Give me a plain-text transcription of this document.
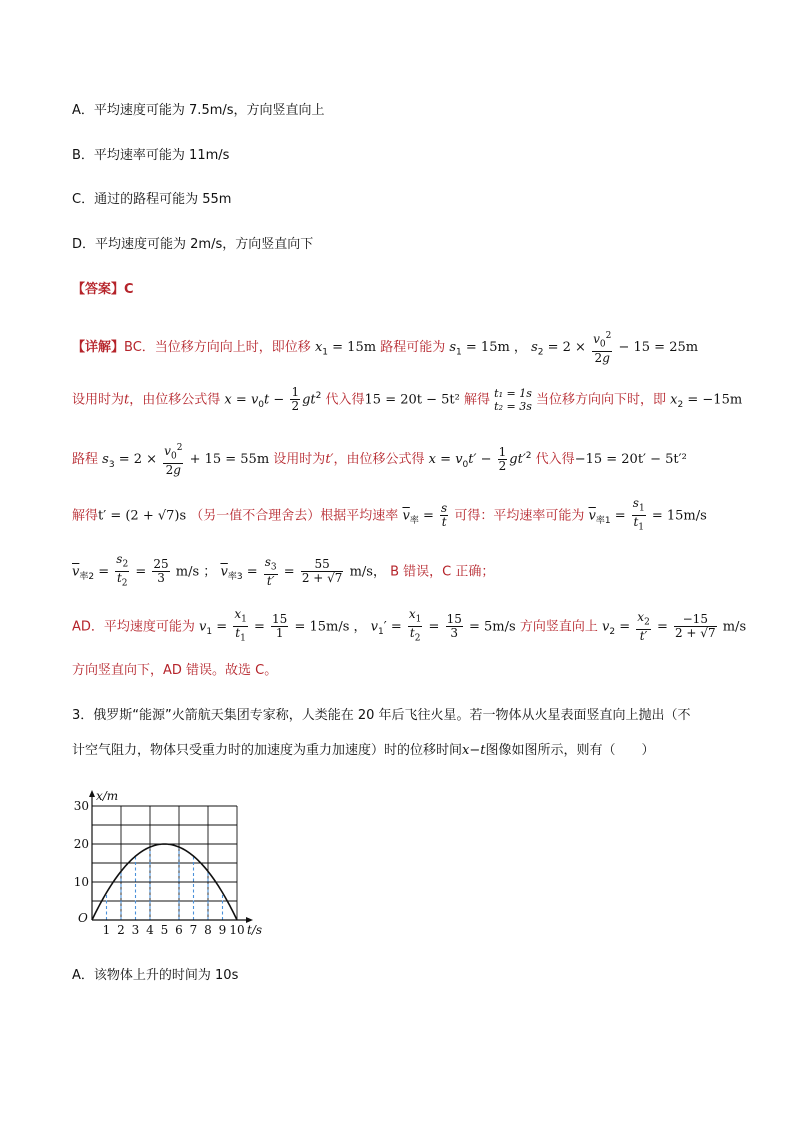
A．平均速度可能为 7.5m/s，方向竖直向上
B．平均速率可能为 11m/s
C．通过的路程可能为 55m
D．平均速度可能为 2m/s，方向竖直向下
【答案】C
【详解】BC．当位移方向向上时，即位移 $x_1 = 15m$ 路程可能为 $s_1 = 15m$ ， $s_2 = 2 \times \frac{v_0^2}{2g} - 15 = 25m$
设用时为t，由位移公式得 $x = v_0t - \frac{1}{2} gt^2$ 代入得15 = 20t − 5t² 解得 t₁ = 1s
t₂ = 3s 当位移方向向下时，即 $x_2 = -15m$
路程 $s_3 = 2 \times \frac{v_0^2}{2g} + 15 = 55m$ 设用时为t′，由位移公式得 $x = v_0t' - \frac{1}{2} gt'^2$ 代入得−15 = 20t′ − 5t′²
解得t′ = (2 + √7)s （另一值不合理舍去）根据平均速率 $\overline{v}_率 = \frac{s}{t}$ 可得：平均速率可能为 $\overline{v}_{率1} = \frac{s_1}{t_1} = 15m/s$
$\overline{v}_{率2} = \frac{s_2}{t_2} = \frac{25}{3} m/s$ ； $\overline{v}_{率3} = \frac{s_3}{t'} = \frac{55}{2 + √7} m/s$， B 错误，C 正确；
AD．平均速度可能为 $v_1 = \frac{x_1}{t_1} = \frac{15}{1} = 15m/s$ ， $v_1' = \frac{x_1}{t_2} = \frac{15}{3} = 5m/s$ 方向竖直向上 $v_2 = \frac{x_2}{t'} = \frac{-15}{2 + √7} m/s$
方向竖直向下，AD 错误。故选 C。
3．俄罗斯“能源”火箭航天集团专家称，人类能在 20 年后飞往火星。若一物体从火星表面竖直向上抛出（不
计空气阻力，物体只受重力时的加速度为重力加速度）时的位移时间x−t图像如图所示，则有（　　）
1 2 3 4 5 6 7 8 9 10
10
20
30
O
t/s
x/m
A．该物体上升的时间为 10s
